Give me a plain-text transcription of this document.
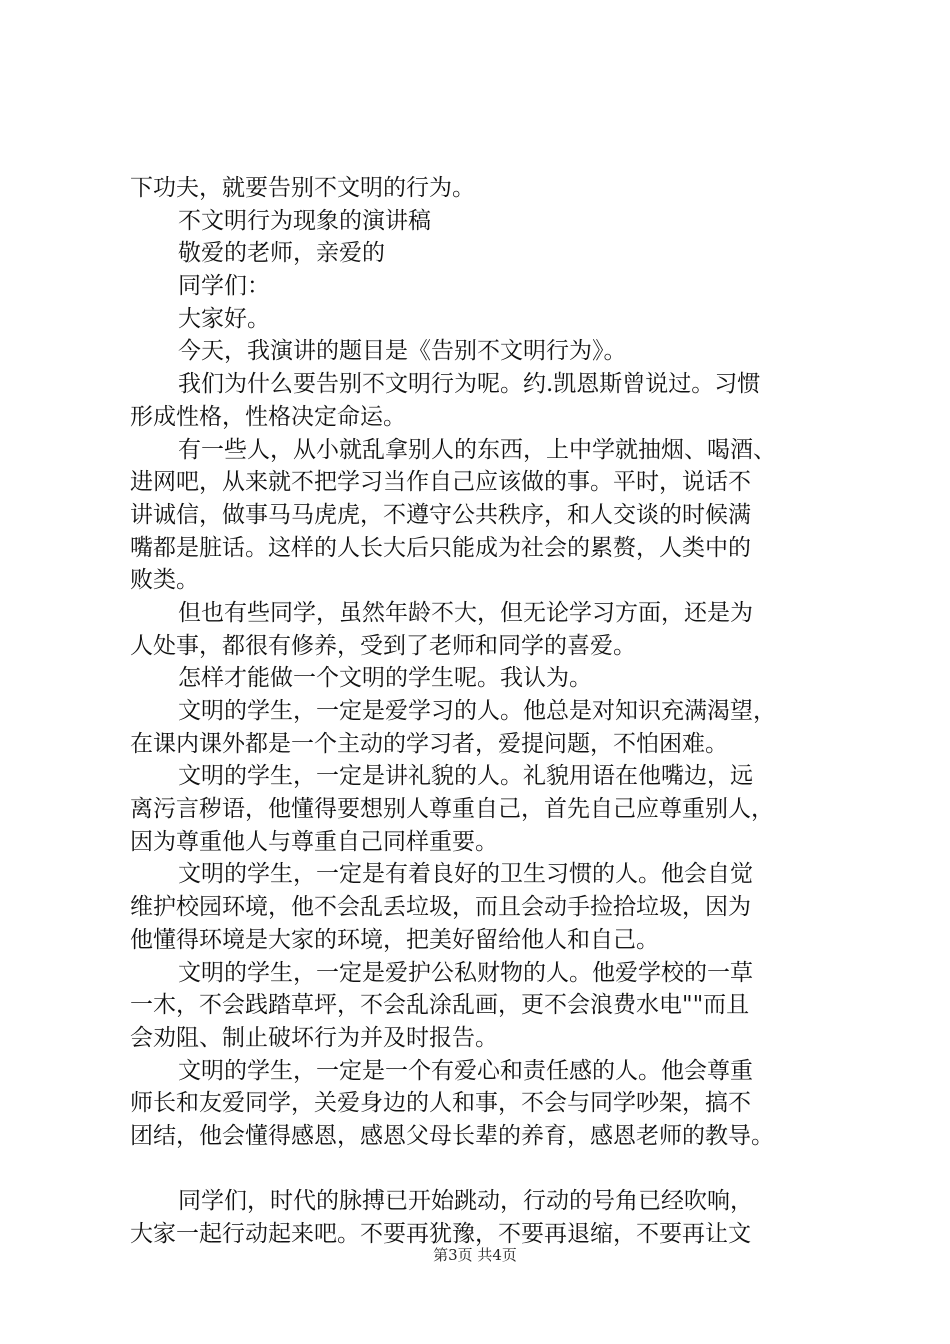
下功夫，就要告别不文明的行为。
不文明行为现象的演讲稿
敬爱的老师，亲爱的
同学们：
大家好。
今天，我演讲的题目是《告别不文明行为》。
我们为什么要告别不文明行为呢。约.凯恩斯曾说过。习惯
形成性格，性格决定命运。
有一些人，从小就乱拿别人的东西，上中学就抽烟、喝酒、
进网吧，从来就不把学习当作自己应该做的事。平时，说话不
讲诚信，做事马马虎虎，不遵守公共秩序，和人交谈的时候满
嘴都是脏话。这样的人长大后只能成为社会的累赘，人类中的
败类。
但也有些同学，虽然年龄不大，但无论学习方面，还是为
人处事，都很有修养，受到了老师和同学的喜爱。
怎样才能做一个文明的学生呢。我认为。
文明的学生，一定是爱学习的人。他总是对知识充满渴望，
在课内课外都是一个主动的学习者，爱提问题，不怕困难。
文明的学生，一定是讲礼貌的人。礼貌用语在他嘴边，远
离污言秽语，他懂得要想别人尊重自己，首先自己应尊重别人，
因为尊重他人与尊重自己同样重要。
文明的学生，一定是有着良好的卫生习惯的人。他会自觉
维护校园环境，他不会乱丢垃圾，而且会动手捡拾垃圾，因为
他懂得环境是大家的环境，把美好留给他人和自己。
文明的学生，一定是爱护公私财物的人。他爱学校的一草
一木，不会践踏草坪，不会乱涂乱画，更不会浪费水电""而且
会劝阻、制止破坏行为并及时报告。
文明的学生，一定是一个有爱心和责任感的人。他会尊重
师长和友爱同学，关爱身边的人和事，不会与同学吵架，搞不
团结，他会懂得感恩，感恩父母长辈的养育，感恩老师的教导。
同学们，时代的脉搏已开始跳动，行动的号角已经吹响，
大家一起行动起来吧。不要再犹豫，不要再退缩，不要再让文
第3页 共4页
